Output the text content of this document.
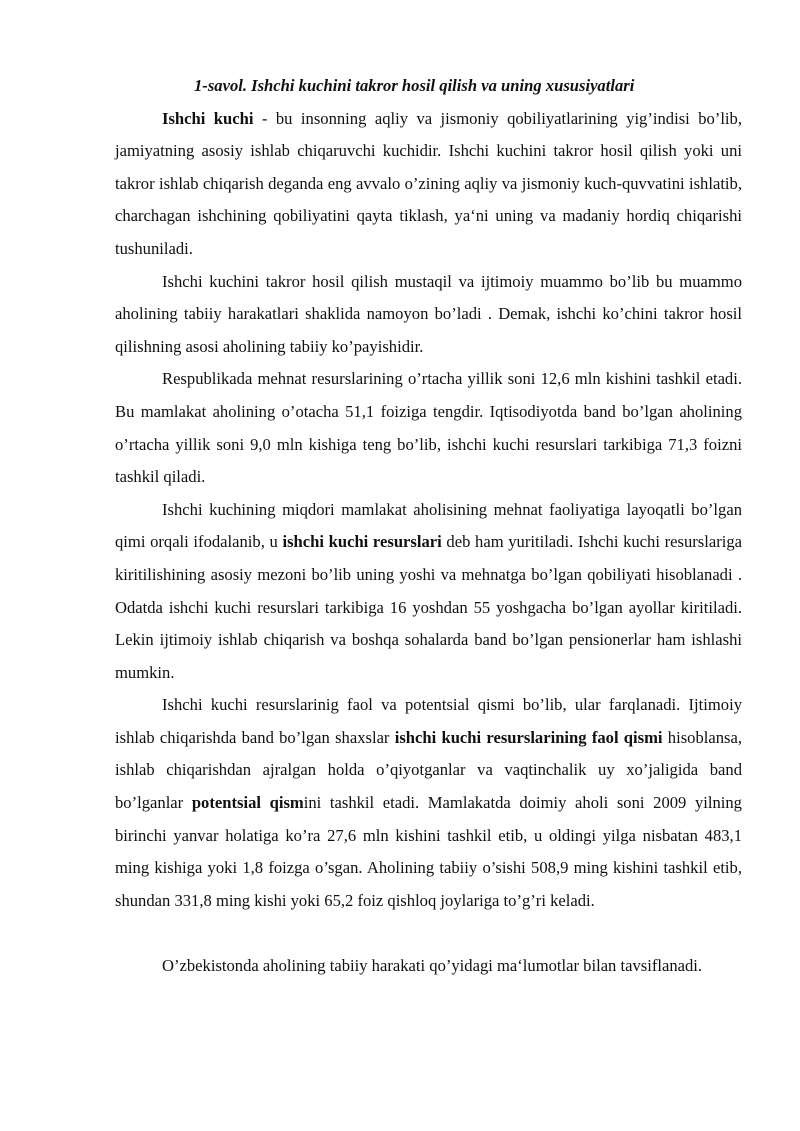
1-savol. Ishchi kuchini takror hosil qilish va uning xususiyatlari

Ishchi kuchi - bu insonning aqliy va jismoniy qobiliyatlarining yig’indisi bo’lib, jamiyatning asosiy ishlab chiqaruvchi kuchidir. Ishchi kuchini takror hosil qilish yoki uni takror ishlab chiqarish deganda eng avvalo o’zining aqliy va jismoniy kuch-quvvatini ishlatib, charchagan ishchining qobiliyatini qayta tiklash, ya‘ni uning va madaniy hordiq chiqarishi tushuniladi.

Ishchi kuchini takror hosil qilish mustaqil va ijtimoiy muammo bo’lib bu muammo aholining tabiiy harakatlari shaklida namoyon bo’ladi . Demak, ishchi ko’chini takror hosil qilishning asosi aholining tabiiy ko’payishidir.

Respublikada mehnat resurslarining o’rtacha yillik soni 12,6 mln kishini tashkil etadi. Bu mamlakat aholining o’otacha 51,1 foiziga tengdir. Iqtisodiyotda band bo’lgan aholining o’rtacha yillik soni 9,0 mln kishiga teng bo’lib, ishchi kuchi resurslari tarkibiga 71,3 foizni tashkil qiladi.

Ishchi kuchining miqdori mamlakat aholisining mehnat faoliyatiga layoqatli bo’lgan qimi orqali ifodalanib, u ishchi kuchi resurslari deb ham yuritiladi. Ishchi kuchi resurslariga kiritilishining asosiy mezoni bo’lib uning yoshi va mehnatga bo’lgan qobiliyati hisoblanadi . Odatda ishchi kuchi resurslari tarkibiga 16 yoshdan 55 yoshgacha bo’lgan ayollar kiritiladi. Lekin ijtimoiy ishlab chiqarish va boshqa sohalarda band bo’lgan pensionerlar ham ishlashi mumkin.

Ishchi kuchi resurslarinig faol va potentsial qismi bo’lib, ular farqlanadi. Ijtimoiy ishlab chiqarishda band bo’lgan shaxslar ishchi kuchi resurslarining faol qismi hisoblansa, ishlab chiqarishdan ajralgan holda o’qiyotganlar va vaqtinchalik uy xo’jaligida band bo’lganlar potentsial qismini tashkil etadi. Mamlakatda doimiy aholi soni 2009 yilning birinchi yanvar holatiga ko’ra 27,6 mln kishini tashkil etib, u oldingi yilga nisbatan 483,1 ming kishiga yoki 1,8 foizga o’sgan. Aholining tabiiy o’sishi 508,9 ming kishini tashkil etib, shundan 331,8 ming kishi yoki 65,2 foiz qishloq joylariga to’g’ri keladi.

O’zbekistonda aholining tabiiy harakati qo’yidagi ma‘lumotlar bilan tavsiflanadi.
